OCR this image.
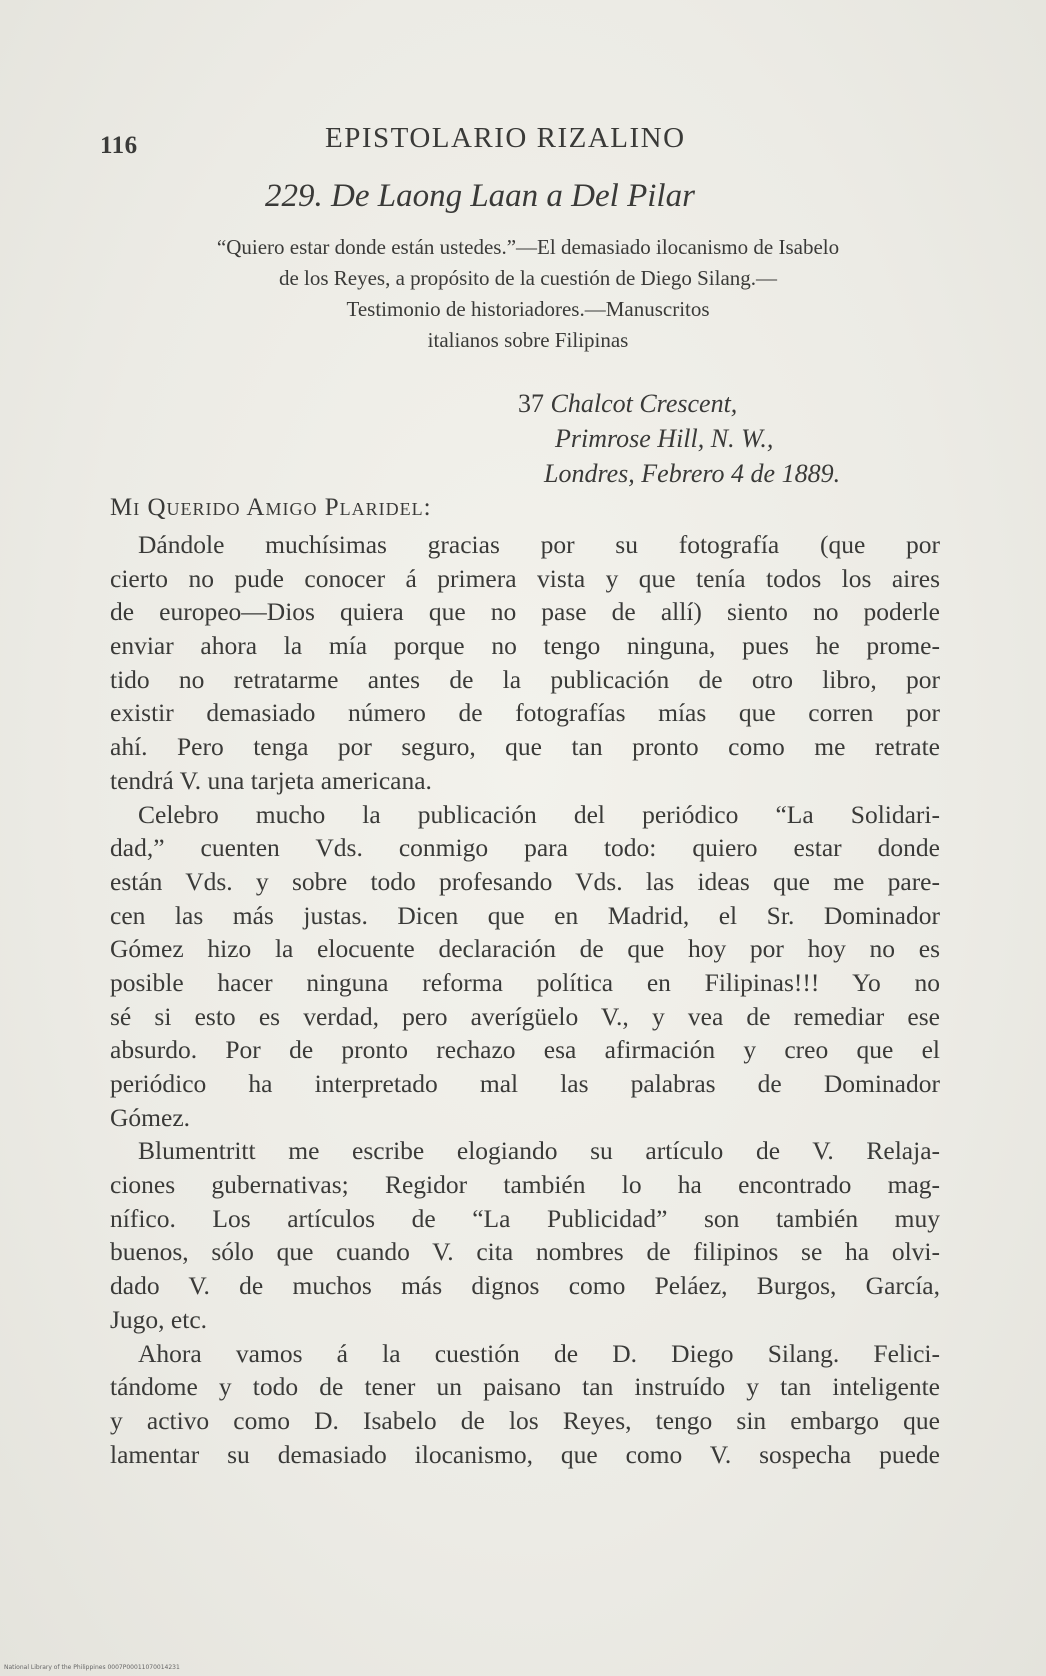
116	EPISTOLARIO RIZALINO
229. De Laong Laan a Del Pilar
“Quiero estar donde están ustedes.”—El demasiado ilocanismo de Isabelo
de los Reyes, a propósito de la cuestión de Diego Silang.—
Testimonio de historiadores.—Manuscritos
italianos sobre Filipinas
37 Chalcot Crescent,
Primrose Hill, N. W.,
Londres, Febrero 4 de 1889.
Mi Querido Amigo Plaridel:
Dándole muchísimas gracias por su fotografía (que por
cierto no pude conocer á primera vista y que tenía todos los aires
de europeo—Dios quiera que no pase de allí) siento no poderle
enviar ahora la mía porque no tengo ninguna, pues he prome-
tido no retratarme antes de la publicación de otro libro, por
existir demasiado número de fotografías mías que corren por
ahí. Pero tenga por seguro, que tan pronto como me retrate
tendrá V. una tarjeta americana.
Celebro mucho la publicación del periódico “La Solidari-
dad,” cuenten Vds. conmigo para todo: quiero estar donde
están Vds. y sobre todo profesando Vds. las ideas que me pare-
cen las más justas. Dicen que en Madrid, el Sr. Dominador
Gómez hizo la elocuente declaración de que hoy por hoy no es
posible hacer ninguna reforma política en Filipinas!!! Yo no
sé si esto es verdad, pero averígüelo V., y vea de remediar ese
absurdo. Por de pronto rechazo esa afirmación y creo que el
periódico ha interpretado mal las palabras de Dominador
Gómez.
Blumentritt me escribe elogiando su artículo de V. Relaja-
ciones gubernativas; Regidor también lo ha encontrado mag-
nífico. Los artículos de “La Publicidad” son también muy
buenos, sólo que cuando V. cita nombres de filipinos se ha olvi-
dado V. de muchos más dignos como Peláez, Burgos, García,
Jugo, etc.
Ahora vamos á la cuestión de D. Diego Silang. Felici-
tándome y todo de tener un paisano tan instruído y tan inteligente
y activo como D. Isabelo de los Reyes, tengo sin embargo que
lamentar su demasiado ilocanismo, que como V. sospecha puede
National Library of the Philippines 0007P00011070014231
